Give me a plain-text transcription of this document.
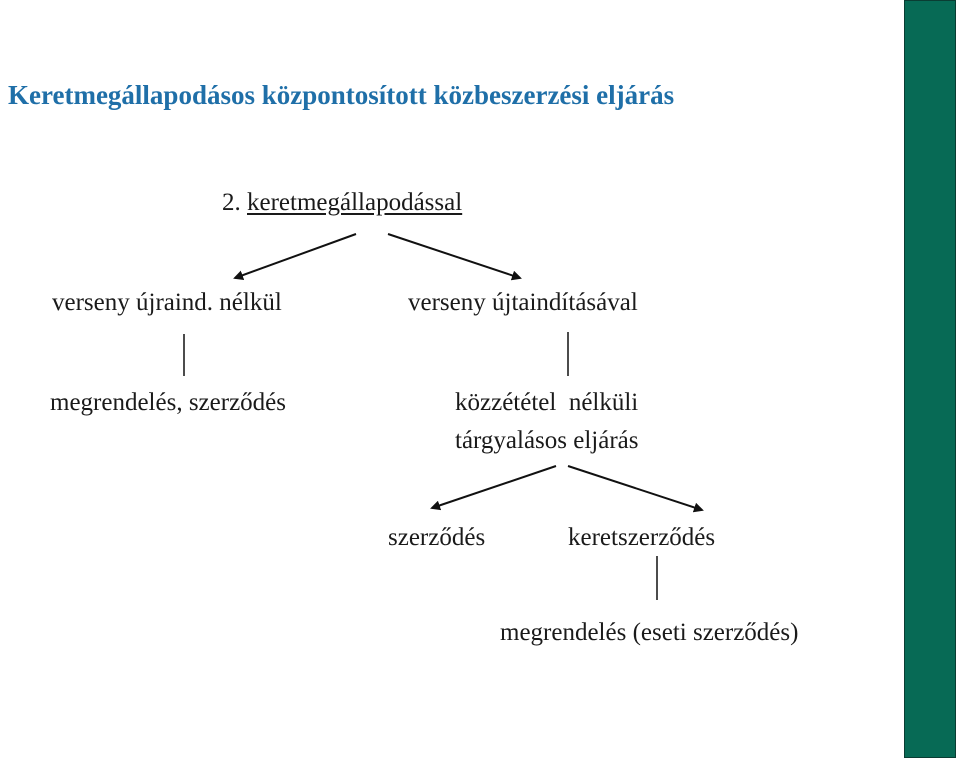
Keretmegállapodásos központosított közbeszerzési eljárás
2. keretmegállapodással
verseny újraind. nélkül	verseny újtaindításával
megrendelés, szerződés	közzététel  nélküli
tárgyalásos eljárás
szerződés	keretszerződés
megrendelés (eseti szerződés)
